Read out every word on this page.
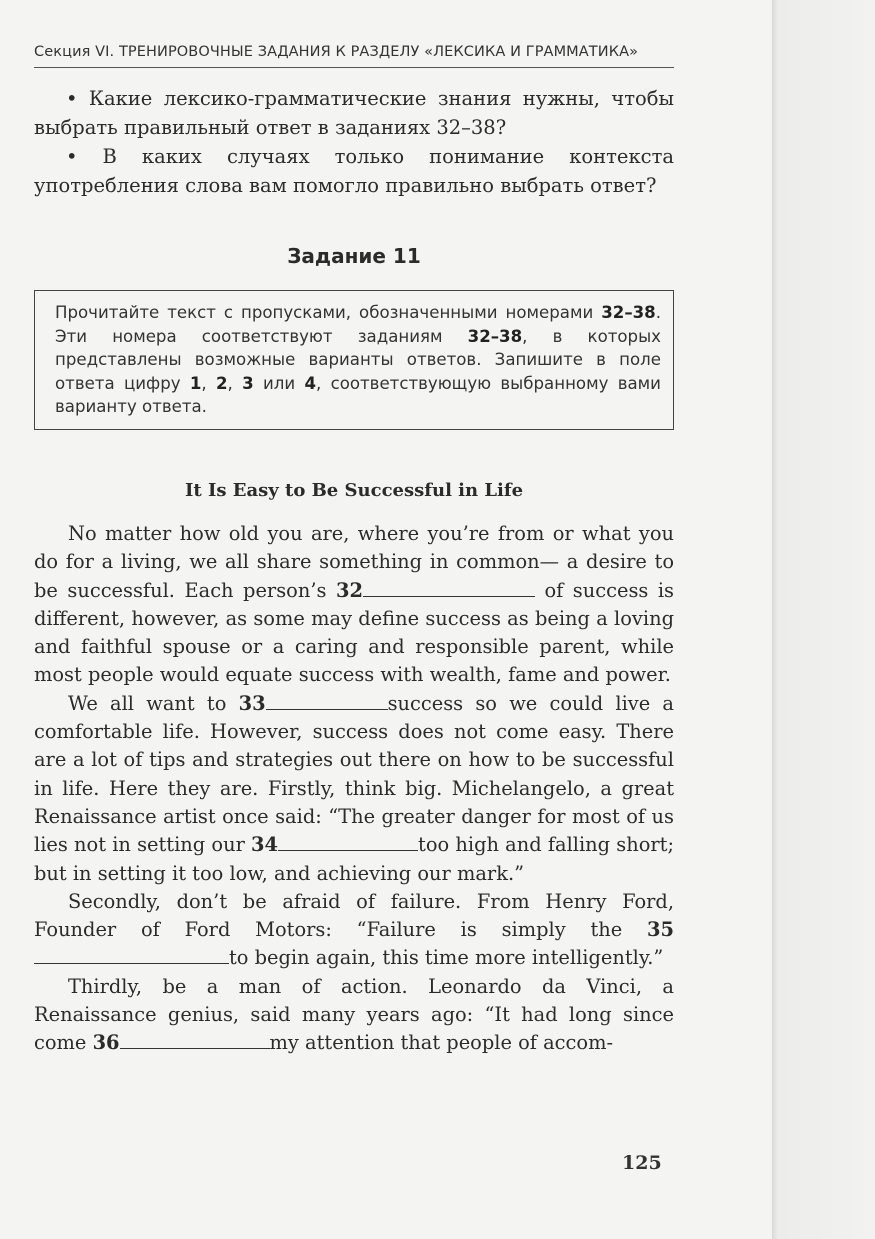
Секция VI. ТРЕНИРОВОЧНЫЕ ЗАДАНИЯ К РАЗДЕЛУ «ЛЕКСИКА И ГРАММАТИКА»
• Какие лексико-грамматические знания нужны, чтобы выбрать правильный ответ в заданиях 32–38?
• В каких случаях только понимание контекста употребления слова вам помогло правильно выбрать ответ?
Задание 11
Прочитайте текст с пропусками, обозначенными номерами 32–38. Эти номера соответствуют заданиям 32–38, в которых представлены возможные варианты ответов. Запишите в поле ответа цифру 1, 2, 3 или 4, соответствующую выбранному вами варианту ответа.
It Is Easy to Be Successful in Life

No matter how old you are, where you’re from or what you do for a living, we all share something in common— a desire to be successful. Each person’s 32	of success is different, however, as some may define success as being a loving and faithful spouse or a caring and responsible parent, while most people would equate success with wealth, fame and power.

We all want to 33	success so we could live a comfortable life. However, success does not come easy. There are a lot of tips and strategies out there on how to be successful in life. Here they are. Firstly, think big. Michelangelo, a great Renaissance artist once said: “The greater danger for most of us lies not in setting our 34	too high and falling short; but in setting it too low, and achieving our mark.”

Secondly, don’t be afraid of failure. From Henry Ford, Founder of Ford Motors: “Failure is simply the 35to begin again, this time more intelligently.”

Thirdly, be a man of action. Leonardo da Vinci, a Renaissance genius, said many years ago: “It had long since come 36	my attention that people of accom-

125
